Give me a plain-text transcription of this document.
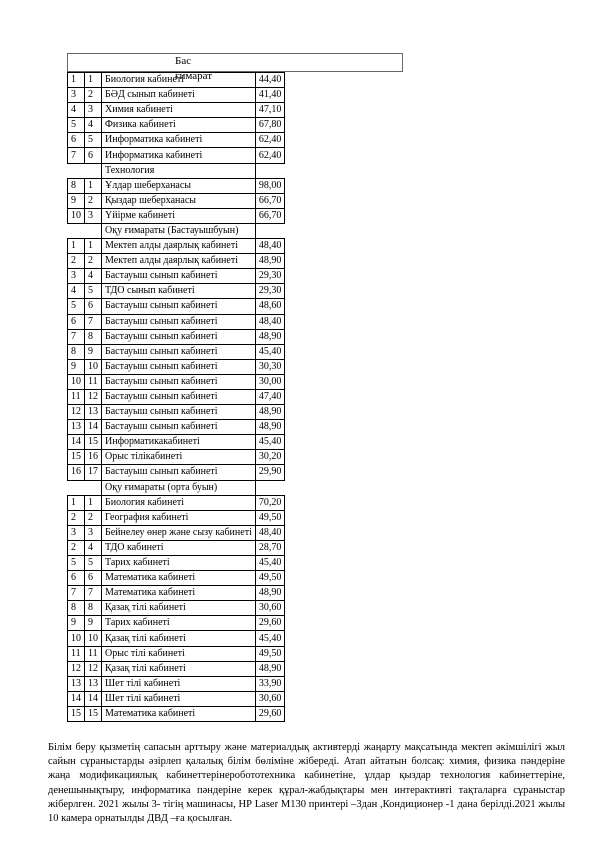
Бас ғимарат
1	1	Биология кабинеті	44,40
3	2	БӘД сынып кабинеті	41,40
4	3	Химия кабинеті	47,10
5	4	Физика кабинеті	67,80
6	5	Информатика кабинеті	62,40
7	6	Информатика кабинеті	62,40
		Технология	
8	1	Ұлдар шеберханасы	98,00
9	2	Қыздар шеберханасы	66,70
10	3	Үйірме кабинеті	66,70
		Оқу ғимараты (Бастауышбуын)	
1	1	Мектеп алды даярлық кабинеті	48,40
2	2	Мектеп алды даярлық кабинеті	48,90
3	4	Бастауыш сынып кабинеті	29,30
4	5	ТДО сынып кабинеті	29,30
5	6	Бастауыш сынып кабинеті	48,60
6	7	Бастауыш сынып кабинеті	48,40
7	8	Бастауыш сынып кабинеті	48,90
8	9	Бастауыш сынып кабинеті	45,40
9	10	Бастауыш сынып кабинеті	30,30
10	11	Бастауыш сынып кабинеті	30,00
11	12	Бастауыш сынып кабинеті	47,40
12	13	Бастауыш сынып кабинеті	48,90
13	14	Бастауыш сынып кабинеті	48,90
14	15	Информатикакабинеті	45,40
15	16	Орыс тілікабинеті	30,20
16	17	Бастауыш сынып кабинеті	29,90
		Оқу ғимараты (орта буын)	
1	1	Биология кабинеті	70,20
2	2	География кабинеті	49,50
3	3	Бейнелеу өнер және сызу кабинеті	48,40
2	4	ТДО кабинеті	28,70
5	5	Тарих кабинеті	45,40
6	6	Математика кабинеті	49,50
7	7	Математика кабинеті	48,90
8	8	Қазақ тілі кабинеті	30,60
9	9	Тарих кабинеті	29,60
10	10	Қазақ тілі кабинеті	45,40
11	11	Орыс тілі кабинеті	49,50
12	12	Қазақ тілі кабинеті	48,90
13	13	Шет тілі кабинеті	33,90
14	14	Шет тілі кабинеті	30,60
15	15	Математика кабинеті	29,60
Білім беру қызметің сапасын арттыру және материалдық активтерді жаңарту мақсатында мектеп әкімшілігі жыл сайын сұраныстарды әзірлеп қалалық білім бөліміне жібереді. Атап айтатын болсақ: химия, физика пәндеріне жаңа модификациялық кабинеттерінеробототехника кабинетіне, ұлдар қыздар технология кабинеттеріне, денешынықтыру, информатика пәндеріне керек құрал-жабдықтары мен интерактивті тақталарға сұраныстар жіберлген. 2021 жылы 3- тігің машинасы, НР Laser M130 принтері –3дан ,Кондиционер -1 дана берілді.2021 жылы 10 камера орнатылды ДВД –ға қосылған.
